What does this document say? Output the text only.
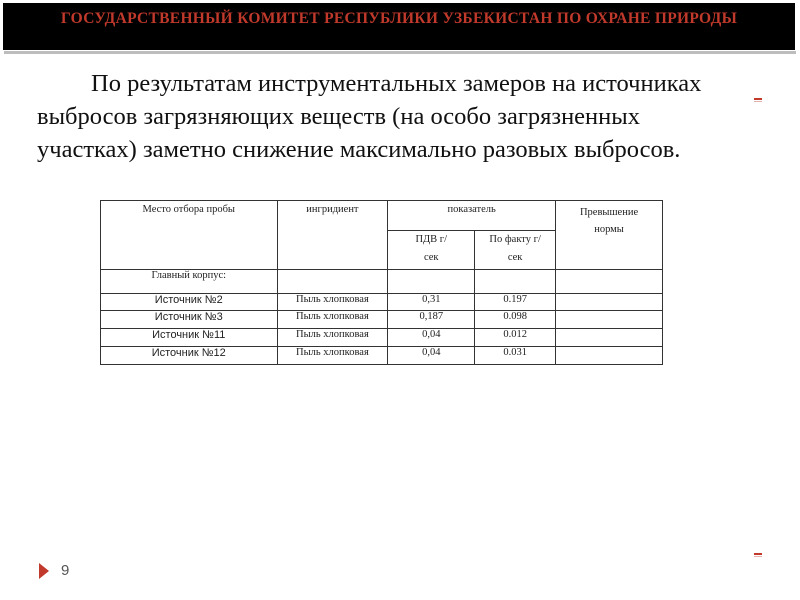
ГОСУДАРСТВЕННЫЙ КОМИТЕТ РЕСПУБЛИКИ УЗБЕКИСТАН ПО ОХРАНЕ ПРИРОДЫ
По результатам инструментальных замеров на источниках выбросов загрязняющих веществ (на особо загрязненных участках) заметно снижение максимально разовых выбросов.
Место отбора пробы	ингридиент	показатель		Превышение нормы
		ПДВ г/сек	По факту г/сек	
Главный корпус:				
Источник №2	Пыль хлопковая	0,31	0.197	
Источник №3	Пыль хлопковая	0,187	0.098	
Источник №11	Пыль хлопковая	0,04	0.012	
Источник №12	Пыль хлопковая	0,04	0.031	
9
